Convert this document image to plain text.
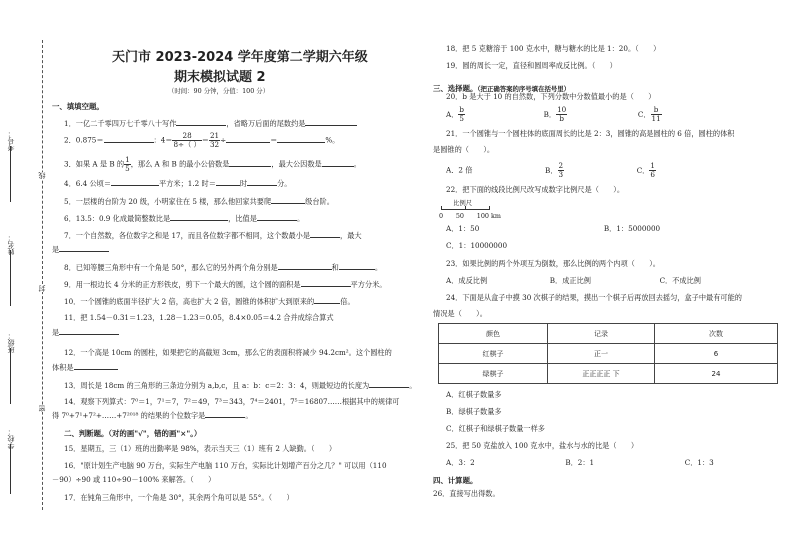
考号：
姓名：
班级：
学校：
线
封
密
天门市 2023-2024 学年度第二学期六年级
期末模拟试题 2
（时间：90 分钟，分值：100 分）
一、填填空题。
1．一亿二千零四万七千零八十写作	，省略万后面的尾数约是
2．0.875＝	：$4= \frac{28}{8\div( )} = \frac{21}{32}$ ÷	＝	%。
3．如果 A 是 B 的 $\frac{1}{5}$ ，那么 A 和 B 的最小公倍数是	，最大公因数是	。
4．6.4 公顷＝	平方米；1.2 时＝	时	分。
5．一层楼的台阶为 20 级，小明家住在 5 楼，那么他回家共要爬	级台阶。
6．13.5：0.9 化成最简整数比是	，比值是	。
7．一个自然数，各位数字之和是 17，而且各位数字都不相同，这个数最小是	，最大
是
8．已知等腰三角形中有一个角是 50°，那么它的另外两个角分别是	和	。
9．用一根边长 4 分米的正方形铁皮，剪下一个最大的圆，这个圆的面积是	平方分米。
10．一个圆锥的底面半径扩大 2 倍，高也扩大 2 倍，圆锥的体积扩大到原来的	倍。
11．把 1.54－0.31＝1.23，1.28－1.23＝0.05，8.4×0.05＝4.2 合并成综合算式
是
12．一个高是 10cm 的圆柱，如果把它的高截短 3cm，那么它的表面积将减少 94.2cm²。这个圆柱的
体积是
13．周长是 18cm 的三角形的三条边分别为 a,b,c，且 a：b：c＝2：3：4，则最短边的长度为	。
14．观察下列算式：7⁰＝1，7¹＝7，7²＝49，7³＝343，7⁴＝2401，7⁵＝16807……根据其中的规律可
得 7⁰+7¹+7²+……+7²⁰¹⁸ 的结果的个位数字是	。
二、判断题。（对的画"√"，错的画"×"。）
15．星期五，三（1）班的出勤率是 98%，表示当天三（1）班有 2 人缺勤。（　　）
16．"原计划生产电脑 90 万台，实际生产电脑 110 万台，实际比计划增产百分之几？" 可以用（110
－90）÷90 或 110÷90－100% 来解答。（　　）
17．在钝角三角形中，一个角是 30°，其余两个角可以是 55°。（　　）
18．把 5 克糖溶于 100 克水中，糖与糖水的比是 1：20。（　　）
19．圆的周长一定，直径和圆周率成反比例。（　　）
三、选择题。（把正确答案的序号填在括号里）
20．b 是大于 10 的自然数，下列分数中分数值最小的是（　　）
A． $\frac{b}{5}$	B． $\frac{10}{b}$	C． $\frac{b}{11}$
21．一个圆锥与一个圆柱体的底面周长的比是 2：3，圆锥的高是圆柱的 6 倍，圆柱的体积
是圆锥的（　　）。
A．2 倍	B． $\frac{2}{3}$	C． $\frac{1}{6}$
22．把下面的线段比例尺改写成数字比例尺是（　　）。
比例尺
0　　50　　100 km
A．1：50	B．1：5000000
C．1：10000000
23．如果比例的两个外项互为倒数，那么比例的两个内项（　　）。
A．成反比例	B．成正比例	C．不成比例
24．下面是从盒子中摸 30 次棋子的结果，摸出一个棋子后再放回去摇匀，盒子中最有可能的
情况是（　　）。
颜色	记录	次数
红棋子	正一	6
绿棋子	正正正正 下	24
A．红棋子数量多
B．绿棋子数量多
C．红棋子和绿棋子数量一样多
25．把 50 克盐放入 100 克水中，盐水与水的比是（　　）
A．3：2	B．2：1	C．1：3
四、计算题。
26．直接写出得数。
